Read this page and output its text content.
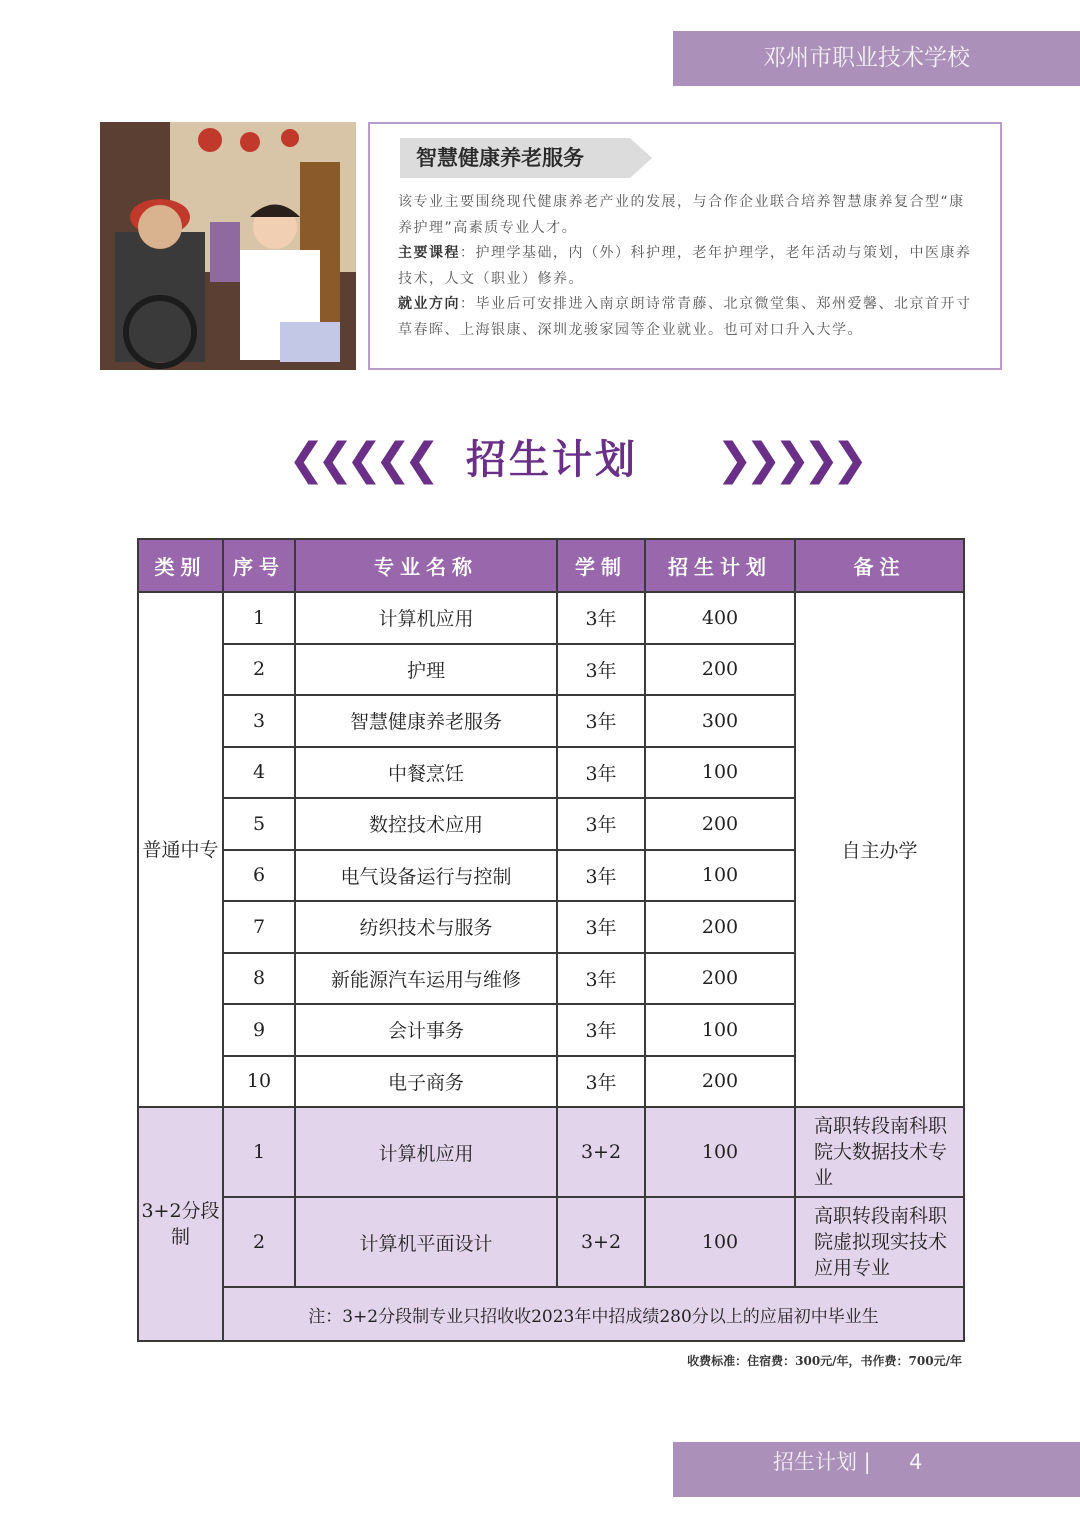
邓州市职业技术学校
智慧健康养老服务
该专业主要围绕现代健康养老产业的发展，与合作企业联合培养智慧康养复合型“康养护理”高素质专业人才。
主要课程：护理学基础，内（外）科护理，老年护理学，老年活动与策划，中医康养技术，人文（职业）修养。
就业方向：毕业后可安排进入南京朗诗常青藤、北京微堂集、郑州爱馨、北京首开寸草春晖、上海银康、深圳龙骏家园等企业就业。也可对口升入大学。
❮❮❮❮❮ 招生计划	❯❯❯❯❯
类别	序号	专业名称	学制	招生计划	备注
普通中专	1	计算机应用	3年	400	自主办学
	2	护理	3年	200	
	3	智慧健康养老服务	3年	300	
	4	中餐烹饪	3年	100	
	5	数控技术应用	3年	200	
	6	电气设备运行与控制	3年	100	
	7	纺织技术与服务	3年	200	
	8	新能源汽车运用与维修	3年	200	
	9	会计事务	3年	100	
	10	电子商务	3年	200	
3+2分段制	1	计算机应用	3+2	100	高职转段南科职院大数据技术专业
	2	计算机平面设计	3+2	100	高职转段南科职院虚拟现实技术应用专业
	注：3+2分段制专业只招收收2023年中招成绩280分以上的应届初中毕业生				
收费标准：住宿费：300元/年，书作费：700元/年
招生计划 | 4
